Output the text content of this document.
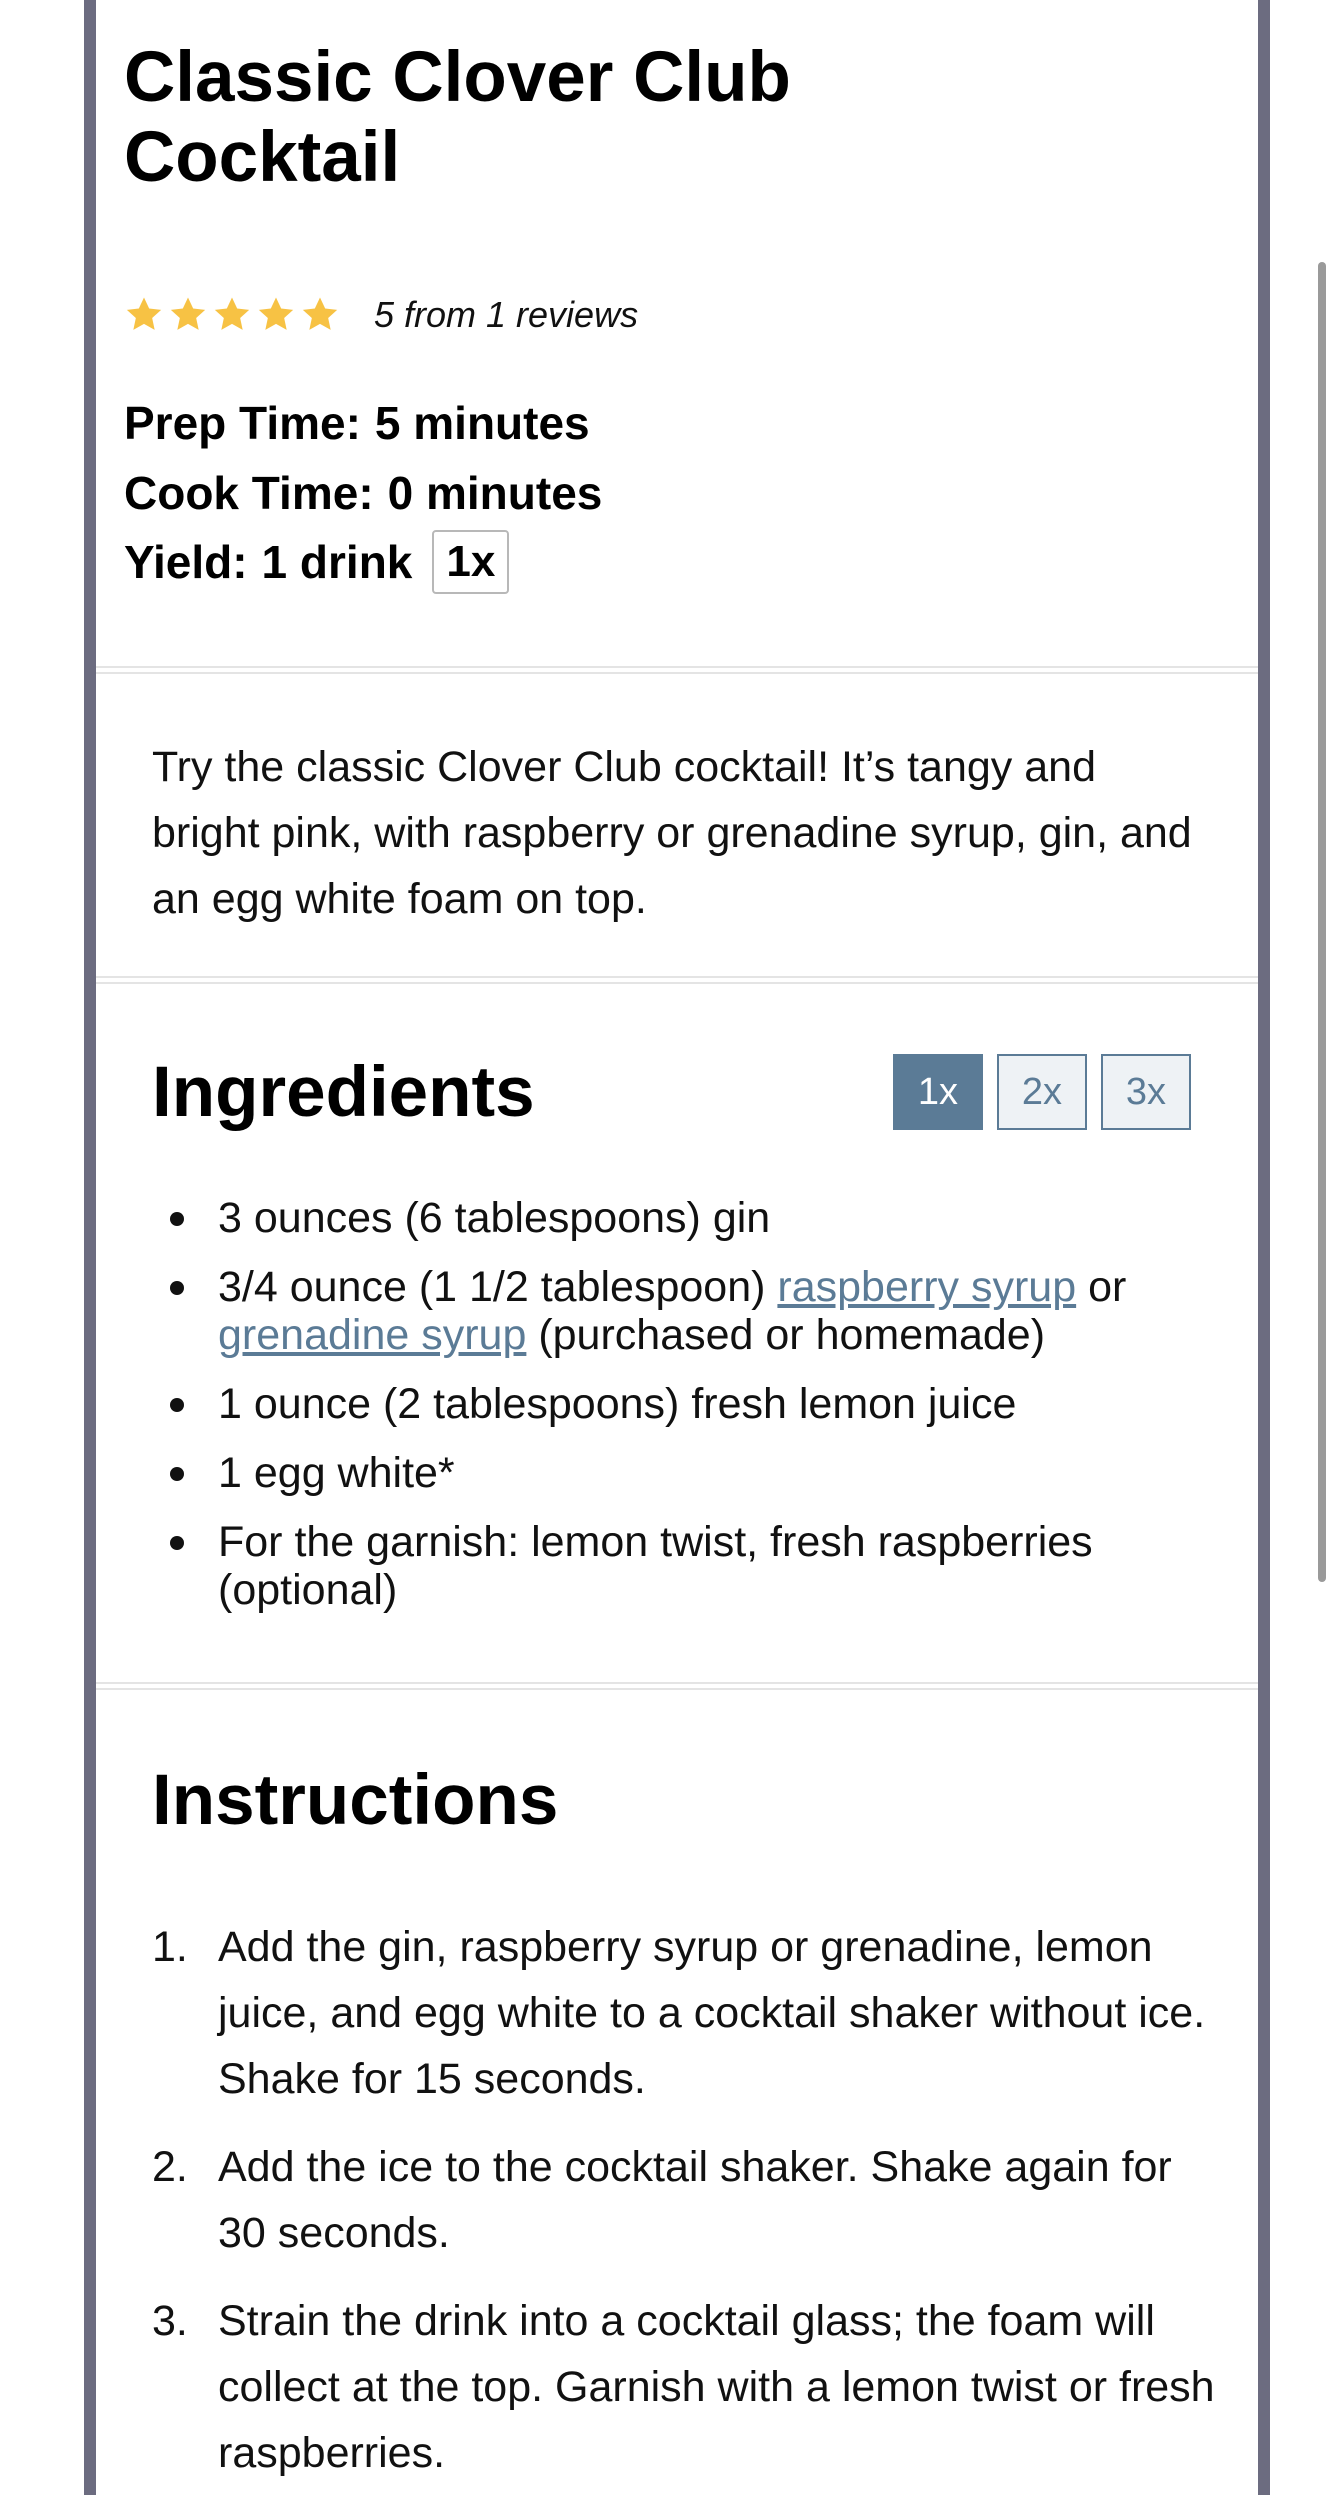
Classic Clover Club Cocktail
5 from 1 reviews
Prep Time: 5 minutes
Cook Time: 0 minutes
Yield: 1 drink 1x

Try the classic Clover Club cocktail! It’s tangy and bright pink, with raspberry or grenadine syrup, gin, and an egg white foam on top.

Ingredients	1x	2x	3x
3 ounces (6 tablespoons) gin
3/4 ounce (1 1/2 tablespoon) raspberry syrup or grenadine syrup (purchased or homemade)
1 ounce (2 tablespoons) fresh lemon juice
1 egg white*
For the garnish: lemon twist, fresh raspberries (optional)
Instructions
1. Add the gin, raspberry syrup or grenadine, lemon juice, and egg white to a cocktail shaker without ice. Shake for 15 seconds.
2. Add the ice to the cocktail shaker. Shake again for 30 seconds.
3. Strain the drink into a cocktail glass; the foam will collect at the top. Garnish with a lemon twist or fresh raspberries.
